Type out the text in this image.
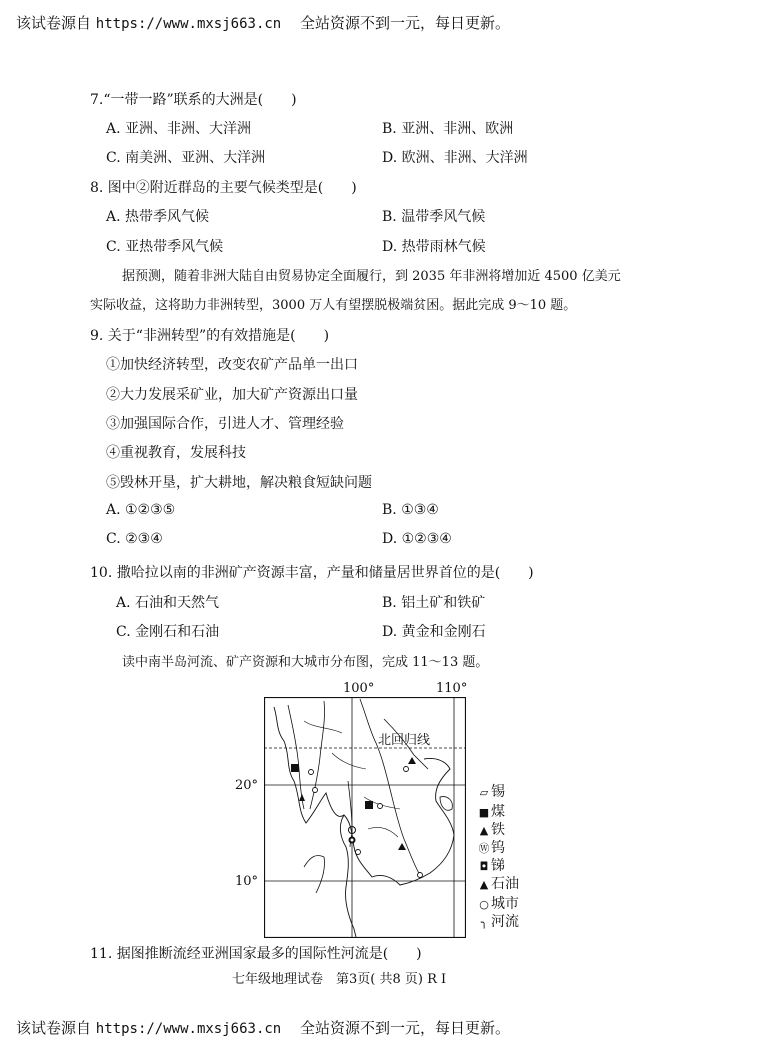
该试卷源自 https://www.mxsj663.cn 全站资源不到一元，每日更新。
7.“一带一路”联系的大洲是(　　)
A. 亚洲、非洲、大洋洲	B. 亚洲、非洲、欧洲
C. 南美洲、亚洲、大洋洲	D. 欧洲、非洲、大洋洲
8. 图中②附近群岛的主要气候类型是(　　)
A. 热带季风气候	B. 温带季风气候
C. 亚热带季风气候	D. 热带雨林气候
据预测，随着非洲大陆自由贸易协定全面履行，到 2035 年非洲将增加近 4500 亿美元
实际收益，这将助力非洲转型，3000 万人有望摆脱极端贫困。据此完成 9～10 题。
9. 关于“非洲转型”的有效措施是(　　)
①加快经济转型，改变农矿产品单一出口
②大力发展采矿业，加大矿产资源出口量
③加强国际合作，引进人才、管理经验
④重视教育，发展科技
⑤毁林开垦，扩大耕地，解决粮食短缺问题
A. ①②③⑤	B. ①③④
C. ②③④	D. ①②③④
10. 撒哈拉以南的非洲矿产资源丰富，产量和储量居世界首位的是(　　)
A. 石油和天然气	B. 铝土矿和铁矿
C. 金刚石和石油	D. 黄金和金刚石
读中南半岛河流、矿产资源和大城市分布图，完成 11～13 题。
100°	110°
20°
10°
北回归线
▱ 锡
■ 煤
▲ 铁
Ⓦ 钨
◘ 锑
▲ 石油
○ 城市
╮ 河流
11. 据图推断流经亚洲国家最多的国际性河流是(　　)
七年级地理试卷　第3页( 共8 页) R I
该试卷源自 https://www.mxsj663.cn 全站资源不到一元，每日更新。
